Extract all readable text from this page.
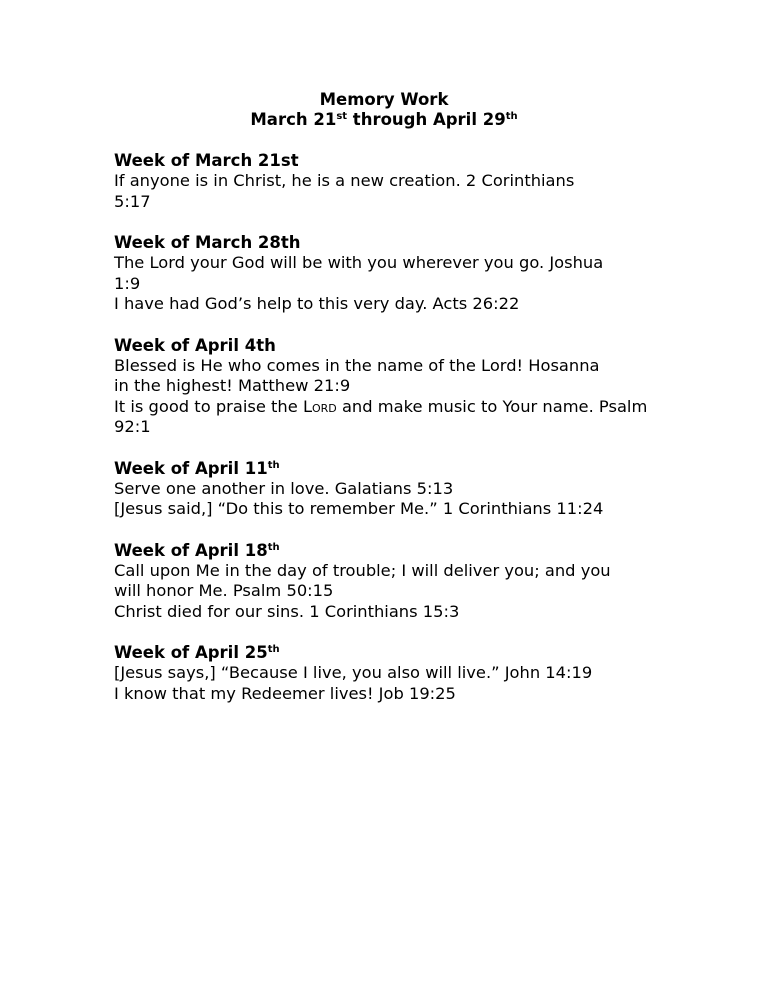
Memory Work
March 21st through April 29th
Week of March 21st
If anyone is in Christ, he is a new creation. 2 Corinthians
5:17
Week of March 28th
The Lord your God will be with you wherever you go. Joshua
1:9
I have had God’s help to this very day. Acts 26:22
Week of April 4th
Blessed is He who comes in the name of the Lord! Hosanna
in the highest! Matthew 21:9
It is good to praise the Lord and make music to Your name. Psalm
92:1
Week of April 11th
Serve one another in love. Galatians 5:13
[Jesus said,] “Do this to remember Me.” 1 Corinthians 11:24
Week of April 18th
Call upon Me in the day of trouble; I will deliver you; and you
will honor Me. Psalm 50:15
Christ died for our sins. 1 Corinthians 15:3
Week of April 25th
[Jesus says,] “Because I live, you also will live.” John 14:19
I know that my Redeemer lives! Job 19:25
